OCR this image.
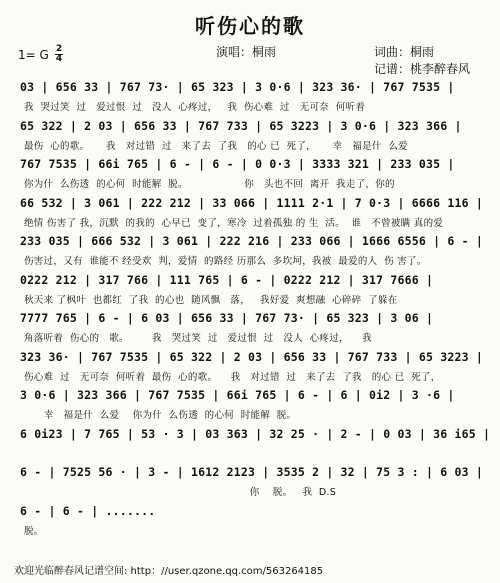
听伤心的歌
1= G $\frac{2}{4}$	演唱：桐雨	词曲：桐雨
记谱：桃李醉春风
03 | 656 33 | 767 73· | 65 323 | 3 0·6 | 323 36· | 767 7535 |
我  哭过笑  过   爱过恨  过   没人  心疼过，   我  伤心难  过   无可奈  何听着
65 322 | 2 03 | 656 33 | 767 733 | 65 3223 | 3 0·6 | 323 366 |
最伤  心的歌。     我   对过错  过   来了去  了我   的心 已  死了，     幸   福是什  么爱
767 7535 | 66i 765 | 6 - | 6 - | 0 0·3 | 3333 321 | 233 035 |
你为什  么伤透  的心何  时能解  脱。                 你   头也不回  离开  我走了，你的
66 532 | 3 061 | 222 212 | 33 066 | 1111 2·1 | 7 0·3 | 6666 116 |
绝情 伤害了 我，沉默  的我的  心早已  变了，寒冷  过着孤独 的 生  活。  谁   不曾被瞒 真的爱
233 035 | 666 532 | 3 061 | 222 216 | 233 066 | 1666 6556 | 6 - |
伤害过，又有  谁能不 经受欢  判，爱情  的路经 历那么  多坎坷，我被  最爱的人  伤 害了。
0222 212 | 317 766 | 111 765 | 6 - | 0222 212 | 317 7666 |
秋天来 了枫叶  也都红  了我  的心也  随风飘   落，   我好爱  爽想融  心碎碎  了躲在
7777 765 | 6 - | 6 03 | 656 33 | 767 73· | 65 323 | 3 06 |
角落听着  伤心的   歌。       我   哭过笑  过   爱过恨  过   没人  心疼过，    我
323 36· | 767 7535 | 65 322 | 2 03 | 656 33 | 767 733 | 65 3223 |
伤心难  过   无可奈  何听着  最伤  心的歌。    我   对过错  过   来了去  了我   的心 已  死了，
3 0·6 | 323 366 | 767 7535 | 66i 765 | 6 - | 6 | 0i2 | 3 ·6 |
幸   福是什  么爱    你为什  么伤透  的心何  时能解  脱。
6 0i23 | 7 765 | 53 · 3 | 03 363 | 32 25 · | 2 - | 0 03 | 36 i65 |
6 - | 7525 56 · | 3 - | 1612 2123 | 3535 2 | 32 | 75 3 : | 6 03 |
你    脱。   我  D.S
6 - | 6 - | .......
脱。
欢迎光临醉春风记谱空间: http：//user.qzone.qq.com/563264185
